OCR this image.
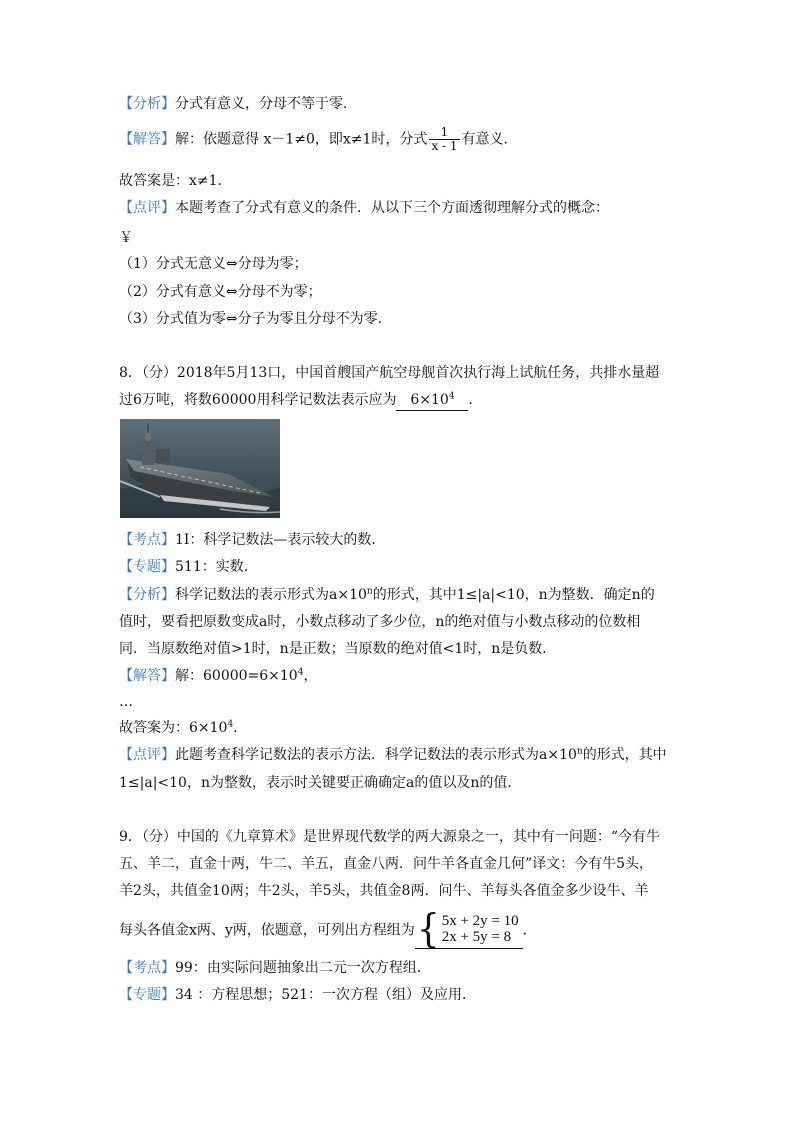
【分析】分式有意义，分母不等于零．
【解答】解：依题意得 x－1≠0，即x≠1时，分式 $\frac{1}{x - 1}$ 有意义．
故答案是：x≠1．
【点评】本题考查了分式有意义的条件．从以下三个方面透彻理解分式的概念：
￥
（1）分式无意义⇔分母为零；
（2）分式有意义⇔分母不为零；
（3）分式值为零⇔分子为零且分母不为零．
8．（分）2018年5月13口，中国首艘国产航空母舰首次执行海上试航任务，共排水量超
过6万吨，将数60000用科学记数法表示应为 $6\times 10^4$ ．
【考点】1I：科学记数法—表示较大的数．
【专题】511：实数．
【分析】科学记数法的表示形式为$a\times 10^n$的形式，其中1≤|a|<10，n为整数．确定n的
值时，要看把原数变成a时，小数点移动了多少位，n的绝对值与小数点移动的位数相
同．当原数绝对值>1时，n是正数；当原数的绝对值<1时，n是负数．
【解答】解：$60000=6\times 10^4$，
…
故答案为：$6\times 10^4$．
【点评】此题考查科学记数法的表示方法．科学记数法的表示形式为$a\times 10^n$的形式，其中
1≤|a|<10，n为整数，表示时关键要正确确定a的值以及n的值．
9．（分）中国的《九章算术》是世界现代数学的两大源泉之一，其中有一问题：“今有牛
五、羊二，直金十两，牛二、羊五，直金八两．问牛羊各直金几何”译文：今有牛5头，
羊2头，共值金10两；牛2头，羊5头，共值金8两．问牛、羊每头各值金多少设牛、羊
每头各值金x两、y两，依题意，可列出方程组为 { 5x + 2y = 10
2x + 5y = 8 ．
【考点】99：由实际问题抽象出二元一次方程组．
【专题】34 ：方程思想；521：一次方程（组）及应用．
